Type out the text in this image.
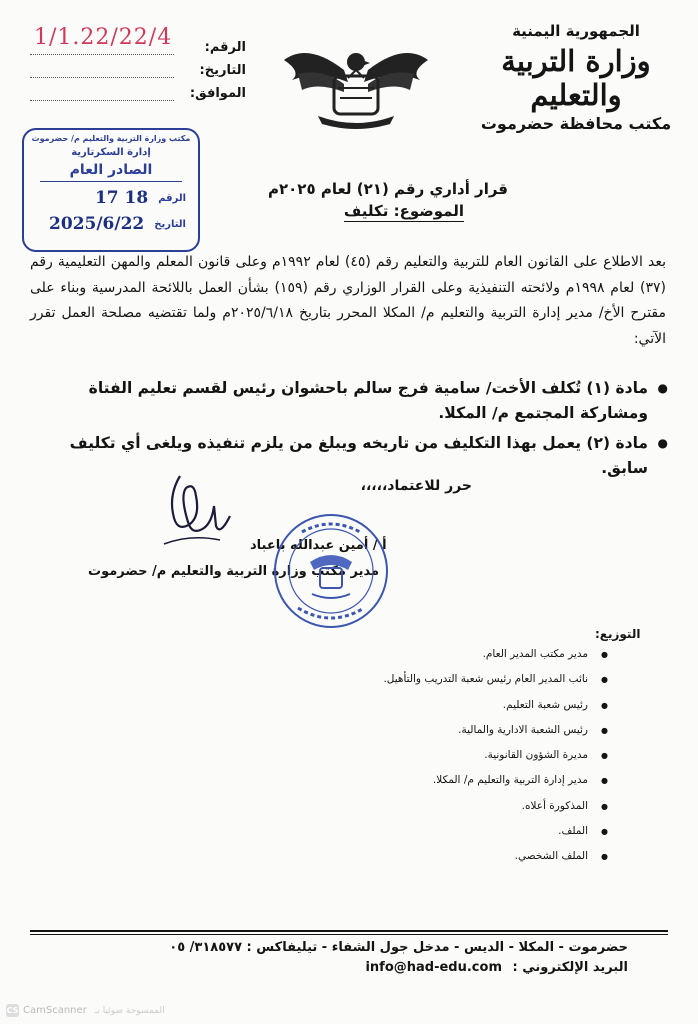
الجمهورية اليمنية
وزارة التربية والتعليم
مكتب محافظة حضرموت
الرقم:
1/1.22/22/4
التاريخ:
الموافق:
مكتب وزارة التربية والتعليم م/ حضرموت
إدارة السكرتارية
الصادر العام
الرقم
17 18
التاريخ
2025/6/22
قرار أداري رقم (٢١) لعام ٢٠٢٥م
الموضوع: تكليف
بعد الاطلاع على القانون العام للتربية والتعليم رقم (٤٥) لعام ١٩٩٢م وعلى قانون المعلم والمهن التعليمية رقم (٣٧) لعام ١٩٩٨م ولائحته التنفيذية وعلى القرار الوزاري رقم (١٥٩) بشأن العمل باللائحة المدرسية وبناء على مقترح الأخ/ مدير إدارة التربية والتعليم م/ المكلا المحرر بتاريخ ٢٠٢٥/٦/١٨م ولما تقتضيه مصلحة العمل تقرر الآتي:
● مادة (١) تُكلف الأخت/ سامية فرج سالم باحشوان رئيس لقسم تعليم الفتاة ومشاركة المجتمع م/ المكلا.
● مادة (٢) يعمل بهذا التكليف من تاريخه ويبلغ من يلزم تنفيذه ويلغى أي تكليف سابق.
حرر للاعتماد،،،،،
أ / أمين عبدالله باعباد
مدير مكتب وزارة التربية والتعليم م/ حضرموت
التوزيع:
● مدير مكتب المدير العام.
● نائب المدير العام رئيس شعبة التدريب والتأهيل.
● رئيس شعبة التعليم.
● رئيس الشعبة الادارية والمالية.
● مديرة الشؤون القانونية.
● مدير إدارة التربية والتعليم م/ المكلا.
● المذكورة أعلاه.
● الملف.
● الملف الشخصي.
حضرموت - المكلا - الديس - مدخل جول الشفاء - تيليفاكس : ٣١٨٥٧٧/ ٠٥
البريد الإلكتروني : info@had-edu.com
CS CamScanner الممسوحة ضوئيا بـ
